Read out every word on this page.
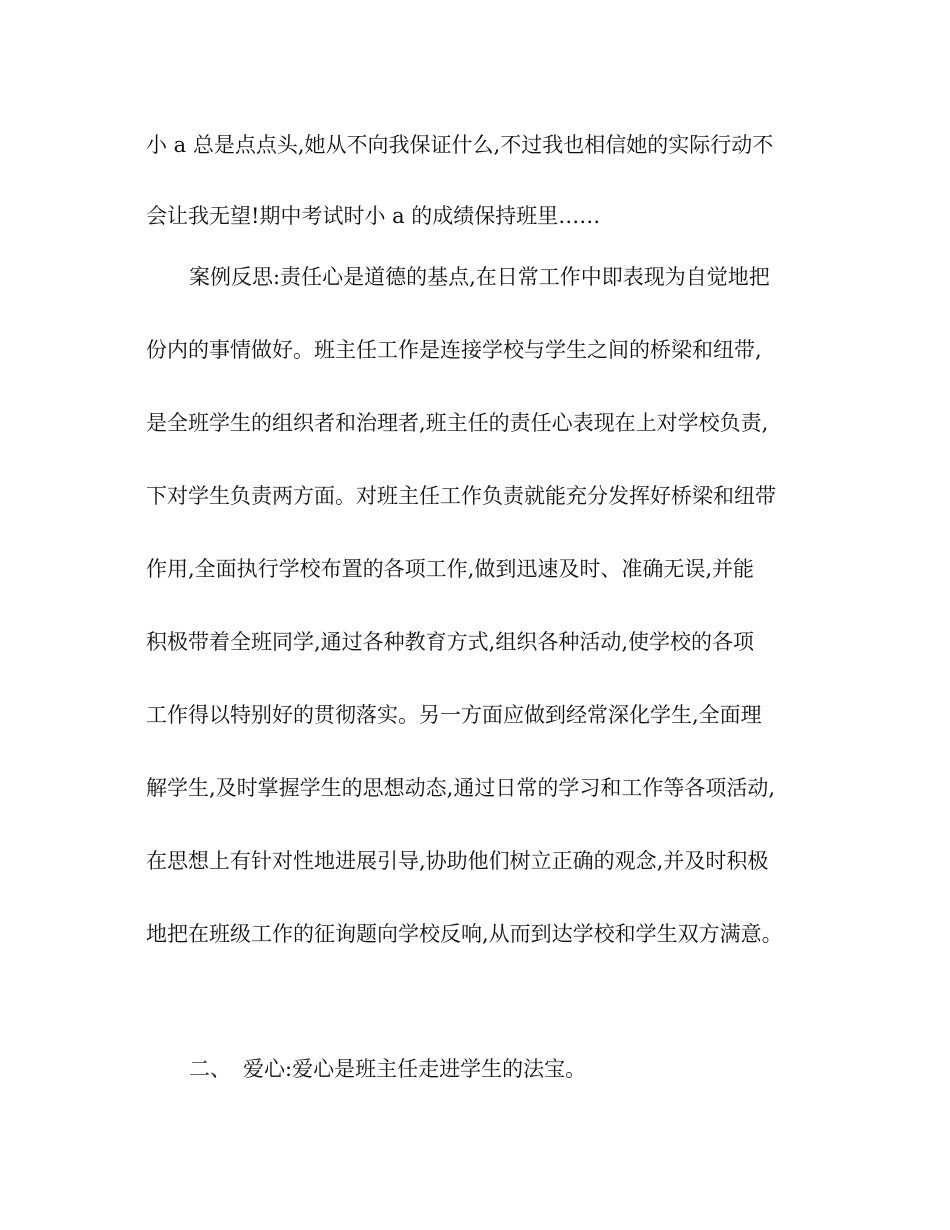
小 a 总是点点头,她从不向我保证什么,不过我也相信她的实际行动不

会让我无望!期中考试时小 a 的成绩保持班里……

案例反思:责任心是道德的基点,在日常工作中即表现为自觉地把

份内的事情做好。班主任工作是连接学校与学生之间的桥梁和纽带,

是全班学生的组织者和治理者,班主任的责任心表现在上对学校负责,

下对学生负责两方面。对班主任工作负责就能充分发挥好桥梁和纽带

作用,全面执行学校布置的各项工作,做到迅速及时、准确无误,并能

积极带着全班同学,通过各种教育方式,组织各种活动,使学校的各项

工作得以特别好的贯彻落实。另一方面应做到经常深化学生,全面理

解学生,及时掌握学生的思想动态,通过日常的学习和工作等各项活动,

在思想上有针对性地进展引导,协助他们树立正确的观念,并及时积极

地把在班级工作的征询题向学校反响,从而到达学校和学生双方满意。

二、 爱心:爱心是班主任走进学生的法宝。
